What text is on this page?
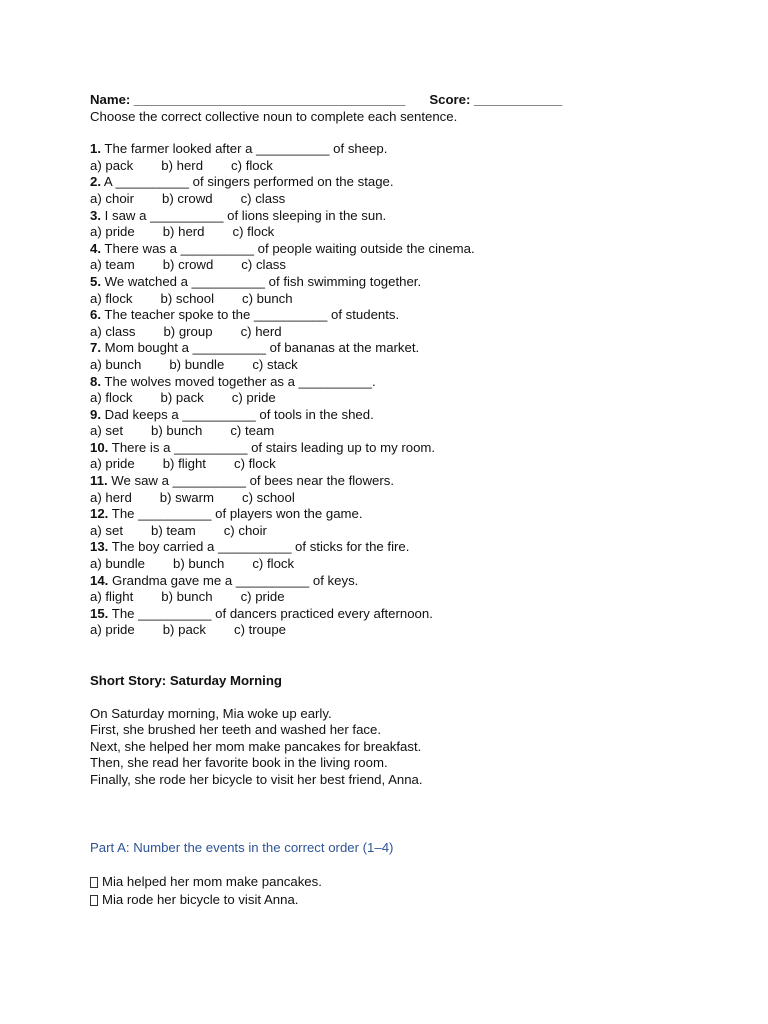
Name: _____________________________________ Score: ____________
Choose the correct collective noun to complete each sentence.
1. The farmer looked after a __________ of sheep.
a) pack b) herd c) flock
2. A __________ of singers performed on the stage.
a) choir b) crowd c) class
3. I saw a __________ of lions sleeping in the sun.
a) pride b) herd c) flock
4. There was a __________ of people waiting outside the cinema.
a) team b) crowd c) class
5. We watched a __________ of fish swimming together.
a) flock b) school c) bunch
6. The teacher spoke to the __________ of students.
a) class b) group c) herd
7. Mom bought a __________ of bananas at the market.
a) bunch b) bundle c) stack
8. The wolves moved together as a __________.
a) flock b) pack c) pride
9. Dad keeps a __________ of tools in the shed.
a) set b) bunch c) team
10. There is a __________ of stairs leading up to my room.
a) pride b) flight c) flock
11. We saw a __________ of bees near the flowers.
a) herd b) swarm c) school
12. The __________ of players won the game.
a) set b) team c) choir
13. The boy carried a __________ of sticks for the fire.
a) bundle b) bunch c) flock
14. Grandma gave me a __________ of keys.
a) flight b) bunch c) pride
15. The __________ of dancers practiced every afternoon.
a) pride b) pack c) troupe
Short Story: Saturday Morning
On Saturday morning, Mia woke up early.
First, she brushed her teeth and washed her face.
Next, she helped her mom make pancakes for breakfast.
Then, she read her favorite book in the living room.
Finally, she rode her bicycle to visit her best friend, Anna.
Part A: Number the events in the correct order (1–4)
Mia helped her mom make pancakes.
Mia rode her bicycle to visit Anna.
